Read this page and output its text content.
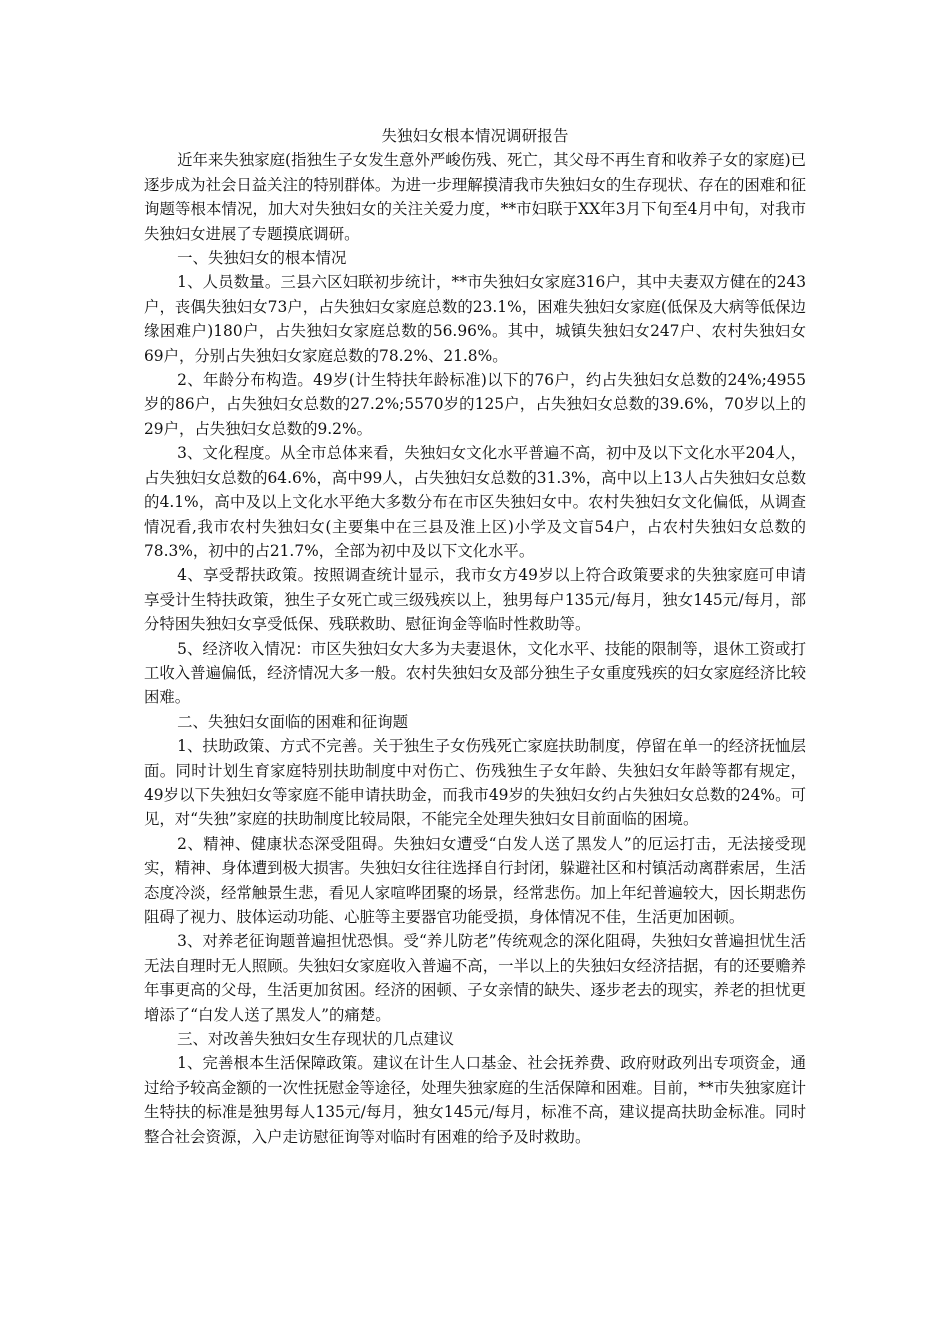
失独妇女根本情况调研报告

近年来失独家庭(指独生子女发生意外严峻伤残、死亡，其父母不再生育和收养子女的家庭)已逐步成为社会日益关注的特别群体。为进一步理解摸清我市失独妇女的生存现状、存在的困难和征询题等根本情况，加大对失独妇女的关注关爱力度，**市妇联于XX年3月下旬至4月中旬，对我市失独妇女进展了专题摸底调研。

一、失独妇女的根本情况

1、人员数量。三县六区妇联初步统计，**市失独妇女家庭316户，其中夫妻双方健在的243户，丧偶失独妇女73户，占失独妇女家庭总数的23.1%，困难失独妇女家庭(低保及大病等低保边缘困难户)180户，占失独妇女家庭总数的56.96%。其中，城镇失独妇女247户、农村失独妇女69户，分别占失独妇女家庭总数的78.2%、21.8%。

2、年龄分布构造。49岁(计生特扶年龄标准)以下的76户，约占失独妇女总数的24%;4955岁的86户，占失独妇女总数的27.2%;5570岁的125户，占失独妇女总数的39.6%，70岁以上的29户，占失独妇女总数的9.2%。

3、文化程度。从全市总体来看，失独妇女文化水平普遍不高，初中及以下文化水平204人，占失独妇女总数的64.6%，高中99人，占失独妇女总数的31.3%，高中以上13人占失独妇女总数的4.1%，高中及以上文化水平绝大多数分布在市区失独妇女中。农村失独妇女文化偏低，从调查情况看,我市农村失独妇女(主要集中在三县及淮上区)小学及文盲54户，占农村失独妇女总数的78.3%，初中的占21.7%，全部为初中及以下文化水平。

4、享受帮扶政策。按照调查统计显示，我市女方49岁以上符合政策要求的失独家庭可申请享受计生特扶政策，独生子女死亡或三级残疾以上，独男每户135元/每月，独女145元/每月，部分特困失独妇女享受低保、残联救助、慰征询金等临时性救助等。

5、经济收入情况：市区失独妇女大多为夫妻退休，文化水平、技能的限制等，退休工资或打工收入普遍偏低，经济情况大多一般。农村失独妇女及部分独生子女重度残疾的妇女家庭经济比较困难。

二、失独妇女面临的困难和征询题

1、扶助政策、方式不完善。关于独生子女伤残死亡家庭扶助制度，停留在单一的经济抚恤层面。同时计划生育家庭特别扶助制度中对伤亡、伤残独生子女年龄、失独妇女年龄等都有规定，49岁以下失独妇女等家庭不能申请扶助金，而我市49岁的失独妇女约占失独妇女总数的24%。可见，对“失独”家庭的扶助制度比较局限，不能完全处理失独妇女目前面临的困境。

2、精神、健康状态深受阻碍。失独妇女遭受“白发人送了黑发人”的厄运打击，无法接受现实，精神、身体遭到极大损害。失独妇女往往选择自行封闭，躲避社区和村镇活动离群索居，生活态度冷淡，经常触景生悲，看见人家喧哗团聚的场景，经常悲伤。加上年纪普遍较大，因长期悲伤阻碍了视力、肢体运动功能、心脏等主要器官功能受损，身体情况不佳，生活更加困顿。

3、对养老征询题普遍担忧恐惧。受“养儿防老”传统观念的深化阻碍，失独妇女普遍担忧生活无法自理时无人照顾。失独妇女家庭收入普遍不高，一半以上的失独妇女经济拮据，有的还要赡养年事更高的父母，生活更加贫困。经济的困顿、子女亲情的缺失、逐步老去的现实，养老的担忧更增添了“白发人送了黑发人”的痛楚。

三、对改善失独妇女生存现状的几点建议

1、完善根本生活保障政策。建议在计生人口基金、社会抚养费、政府财政列出专项资金，通过给予较高金额的一次性抚慰金等途径，处理失独家庭的生活保障和困难。目前，**市失独家庭计生特扶的标准是独男每人135元/每月，独女145元/每月，标准不高，建议提高扶助金标准。同时整合社会资源，入户走访慰征询等对临时有困难的给予及时救助。
